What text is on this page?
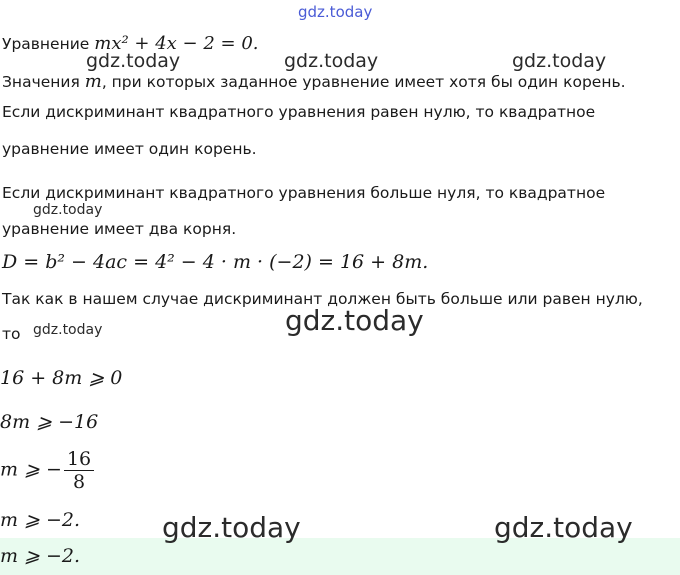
gdz.today
Уравнение mx² + 4x − 2 = 0.
gdz.today	gdz.today	gdz.today
Значения m, при которых заданное уравнение имеет хотя бы один корень.
Если дискриминант квадратного уравнения равен нулю, то квадратное
уравнение имеет один корень.
Если дискриминант квадратного уравнения больше нуля, то квадратное
gdz.today
уравнение имеет два корня.
D = b² − 4ac = 4² − 4 · m · (−2) = 16 + 8m.
Так как в нашем случае дискриминант должен быть больше или равен нулю,
то gdz.today	gdz.today
16 + 8m ⩾ 0
8m ⩾ −16
m ⩾ − $\frac{16}{8}$
m ⩾ −2.	gdz.today	gdz.today
m ⩾ −2.
